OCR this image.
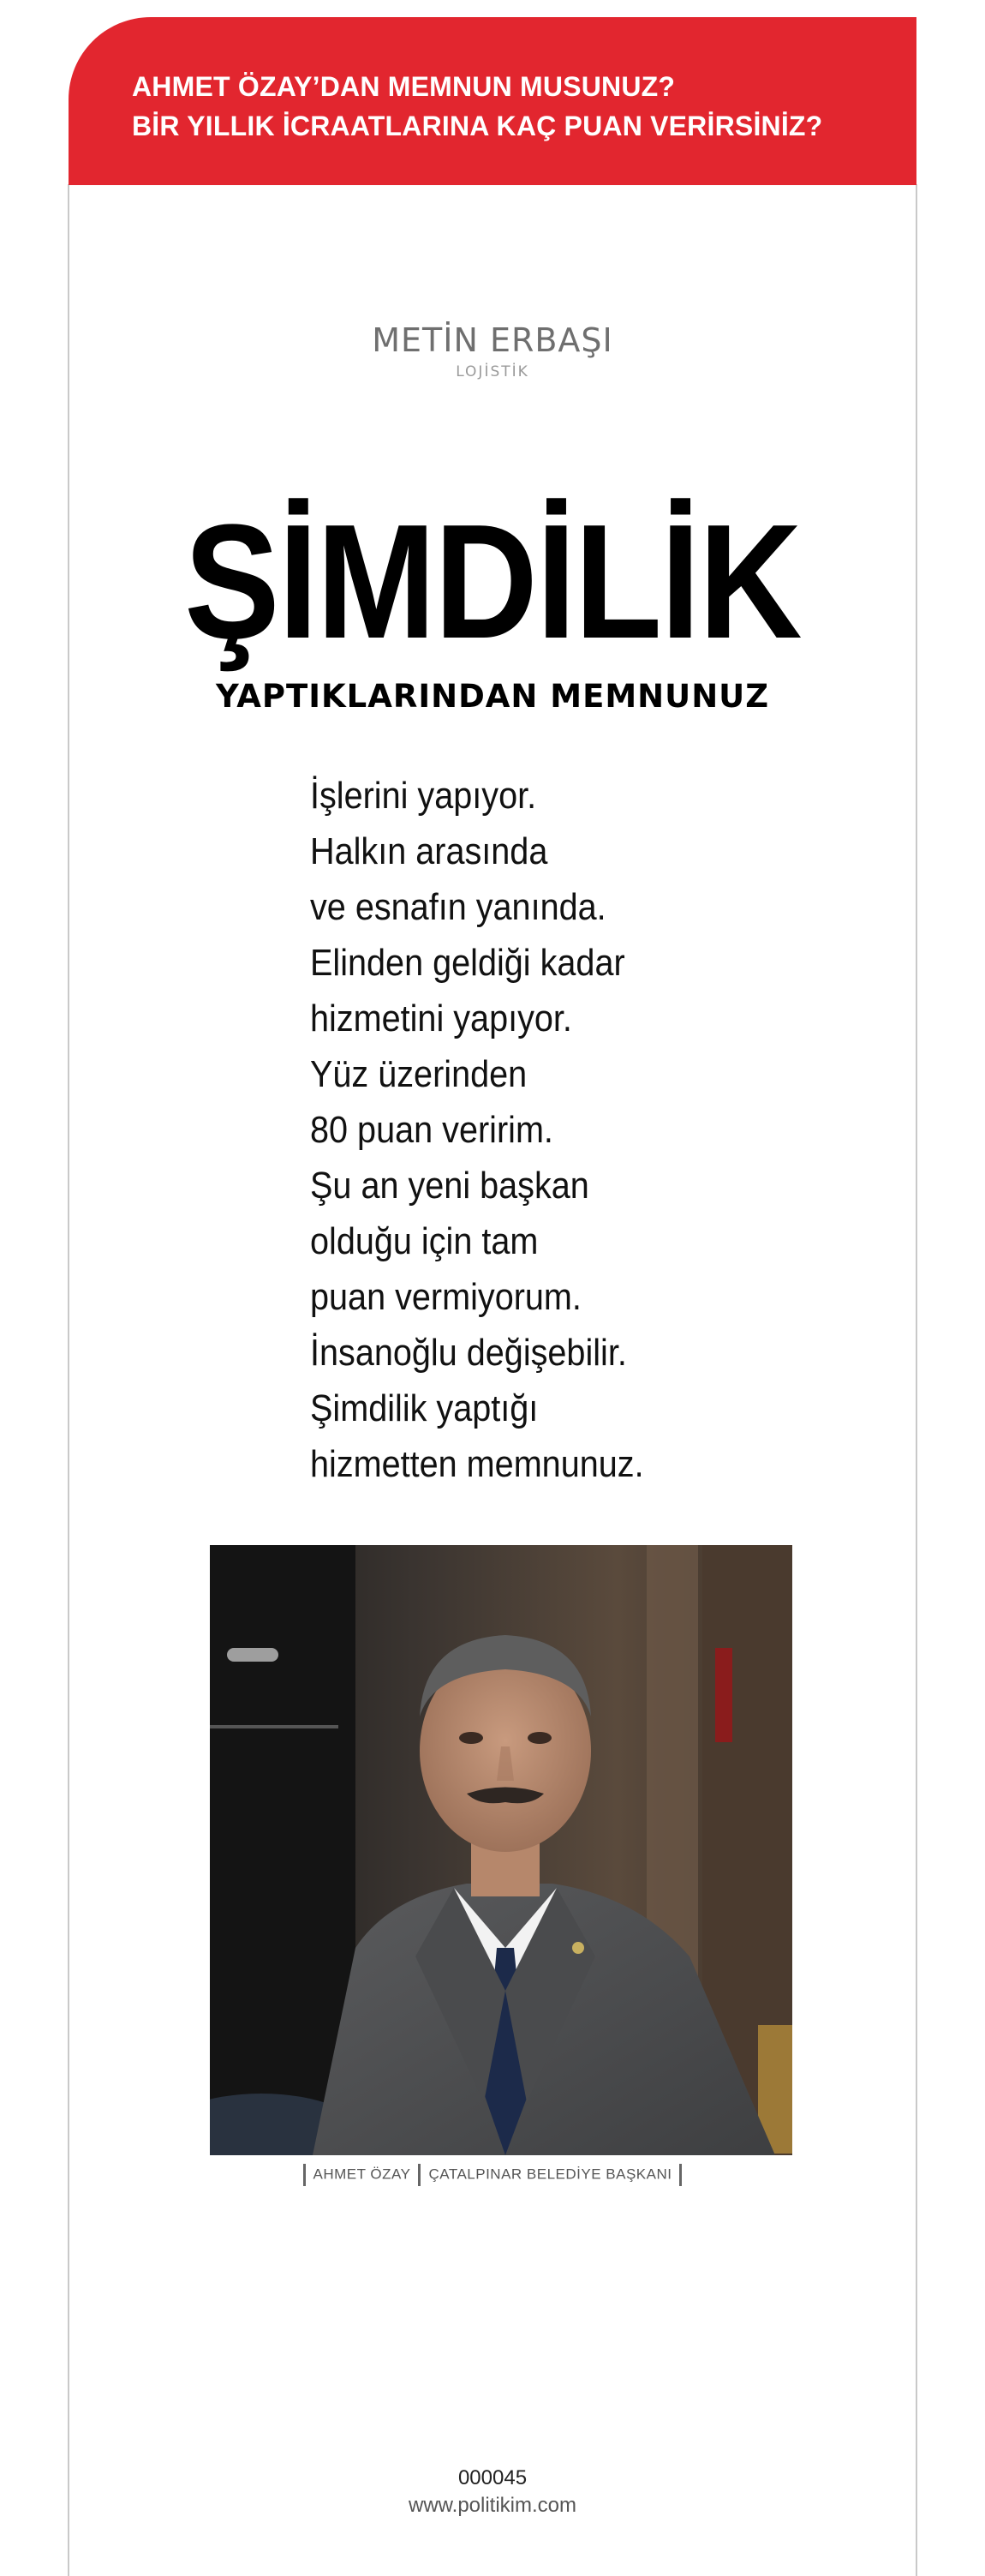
AHMET ÖZAY’DAN MEMNUN MUSUNUZ?
BİR YILLIK İCRAATLARINA KAÇ PUAN VERİRSİNİZ?
METİN ERBAŞI
LOJİSTİK
ŞİMDİLİK
YAPTIKLARINDAN MEMNUNUZ
İşlerini yapıyor.
Halkın arasında
ve esnafın yanında.
Elinden geldiği kadar
hizmetini yapıyor.
Yüz üzerinden
80 puan veririm.
Şu an yeni başkan
olduğu için tam
puan vermiyorum.
İnsanoğlu değişebilir.
Şimdilik yaptığı
hizmetten memnunuz.
AHMET ÖZAY ÇATALPINAR BELEDİYE BAŞKANI
000045
www.politikim.com
